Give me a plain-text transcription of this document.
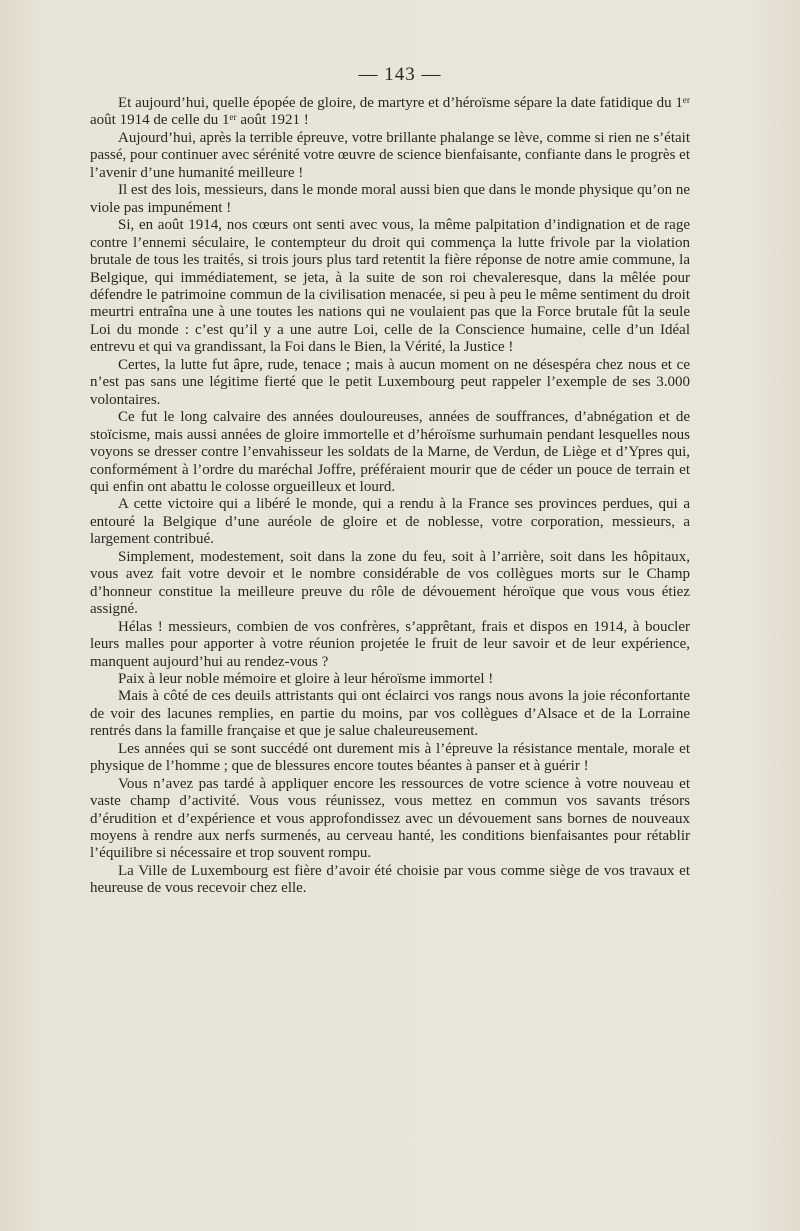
— 143 —

Et aujourd’hui, quelle épopée de gloire, de martyre et d’héroïsme sépare la date fatidique du 1ᵉʳ août 1914 de celle du 1ᵉʳ août 1921 !

Aujourd’hui, après la terrible épreuve, votre brillante phalange se lève, comme si rien ne s’était passé, pour continuer avec sérénité votre œuvre de science bienfaisante, confiante dans le progrès et l’avenir d’une humanité meilleure !

Il est des lois, messieurs, dans le monde moral aussi bien que dans le monde physique qu’on ne viole pas impunément !

Si, en août 1914, nos cœurs ont senti avec vous, la même palpitation d’indignation et de rage contre l’ennemi séculaire, le contempteur du droit qui commença la lutte frivole par la violation brutale de tous les traités, si trois jours plus tard retentit la fière réponse de notre amie commune, la Belgique, qui immédiatement, se jeta, à la suite de son roi chevaleresque, dans la mêlée pour défendre le patrimoine commun de la civilisation menacée, si peu à peu le même sentiment du droit meurtri entraîna une à une toutes les nations qui ne voulaient pas que la Force brutale fût la seule Loi du monde : c’est qu’il y a une autre Loi, celle de la Conscience humaine, celle d’un Idéal entrevu et qui va grandissant, la Foi dans le Bien, la Vérité, la Justice !

Certes, la lutte fut âpre, rude, tenace ; mais à aucun moment on ne désespéra chez nous et ce n’est pas sans une légitime fierté que le petit Luxembourg peut rappeler l’exemple de ses 3.000 volontaires.

Ce fut le long calvaire des années douloureuses, années de souffrances, d’abnégation et de stoïcisme, mais aussi années de gloire immortelle et d’héroïsme surhumain pendant lesquelles nous voyons se dresser contre l’envahisseur les soldats de la Marne, de Verdun, de Liège et d’Ypres qui, conformément à l’ordre du maréchal Joffre, préféraient mourir que de céder un pouce de terrain et qui enfin ont abattu le colosse orgueilleux et lourd.

A cette victoire qui a libéré le monde, qui a rendu à la France ses provinces perdues, qui a entouré la Belgique d’une auréole de gloire et de noblesse, votre corporation, messieurs, a largement contribué.

Simplement, modestement, soit dans la zone du feu, soit à l’arrière, soit dans les hôpitaux, vous avez fait votre devoir et le nombre considérable de vos collègues morts sur le Champ d’honneur constitue la meilleure preuve du rôle de dévouement héroïque que vous vous étiez assigné.

Hélas ! messieurs, combien de vos confrères, s’apprêtant, frais et dispos en 1914, à boucler leurs malles pour apporter à votre réunion projetée le fruit de leur savoir et de leur expérience, manquent aujourd’hui au rendez-vous ?

Paix à leur noble mémoire et gloire à leur héroïsme immortel !

Mais à côté de ces deuils attristants qui ont éclairci vos rangs nous avons la joie réconfortante de voir des lacunes remplies, en partie du moins, par vos collègues d’Alsace et de la Lorraine rentrés dans la famille française et que je salue chaleureusement.

Les années qui se sont succédé ont durement mis à l’épreuve la résistance mentale, morale et physique de l’homme ; que de blessures encore toutes béantes à panser et à guérir !

Vous n’avez pas tardé à appliquer encore les ressources de votre science à votre nouveau et vaste champ d’activité. Vous vous réunissez, vous mettez en commun vos savants trésors d’érudition et d’expérience et vous approfondissez avec un dévouement sans bornes de nouveaux moyens à rendre aux nerfs surmenés, au cerveau hanté, les conditions bienfaisantes pour rétablir l’équilibre si nécessaire et trop souvent rompu.

La Ville de Luxembourg est fière d’avoir été choisie par vous comme siège de vos travaux et heureuse de vous recevoir chez elle.
